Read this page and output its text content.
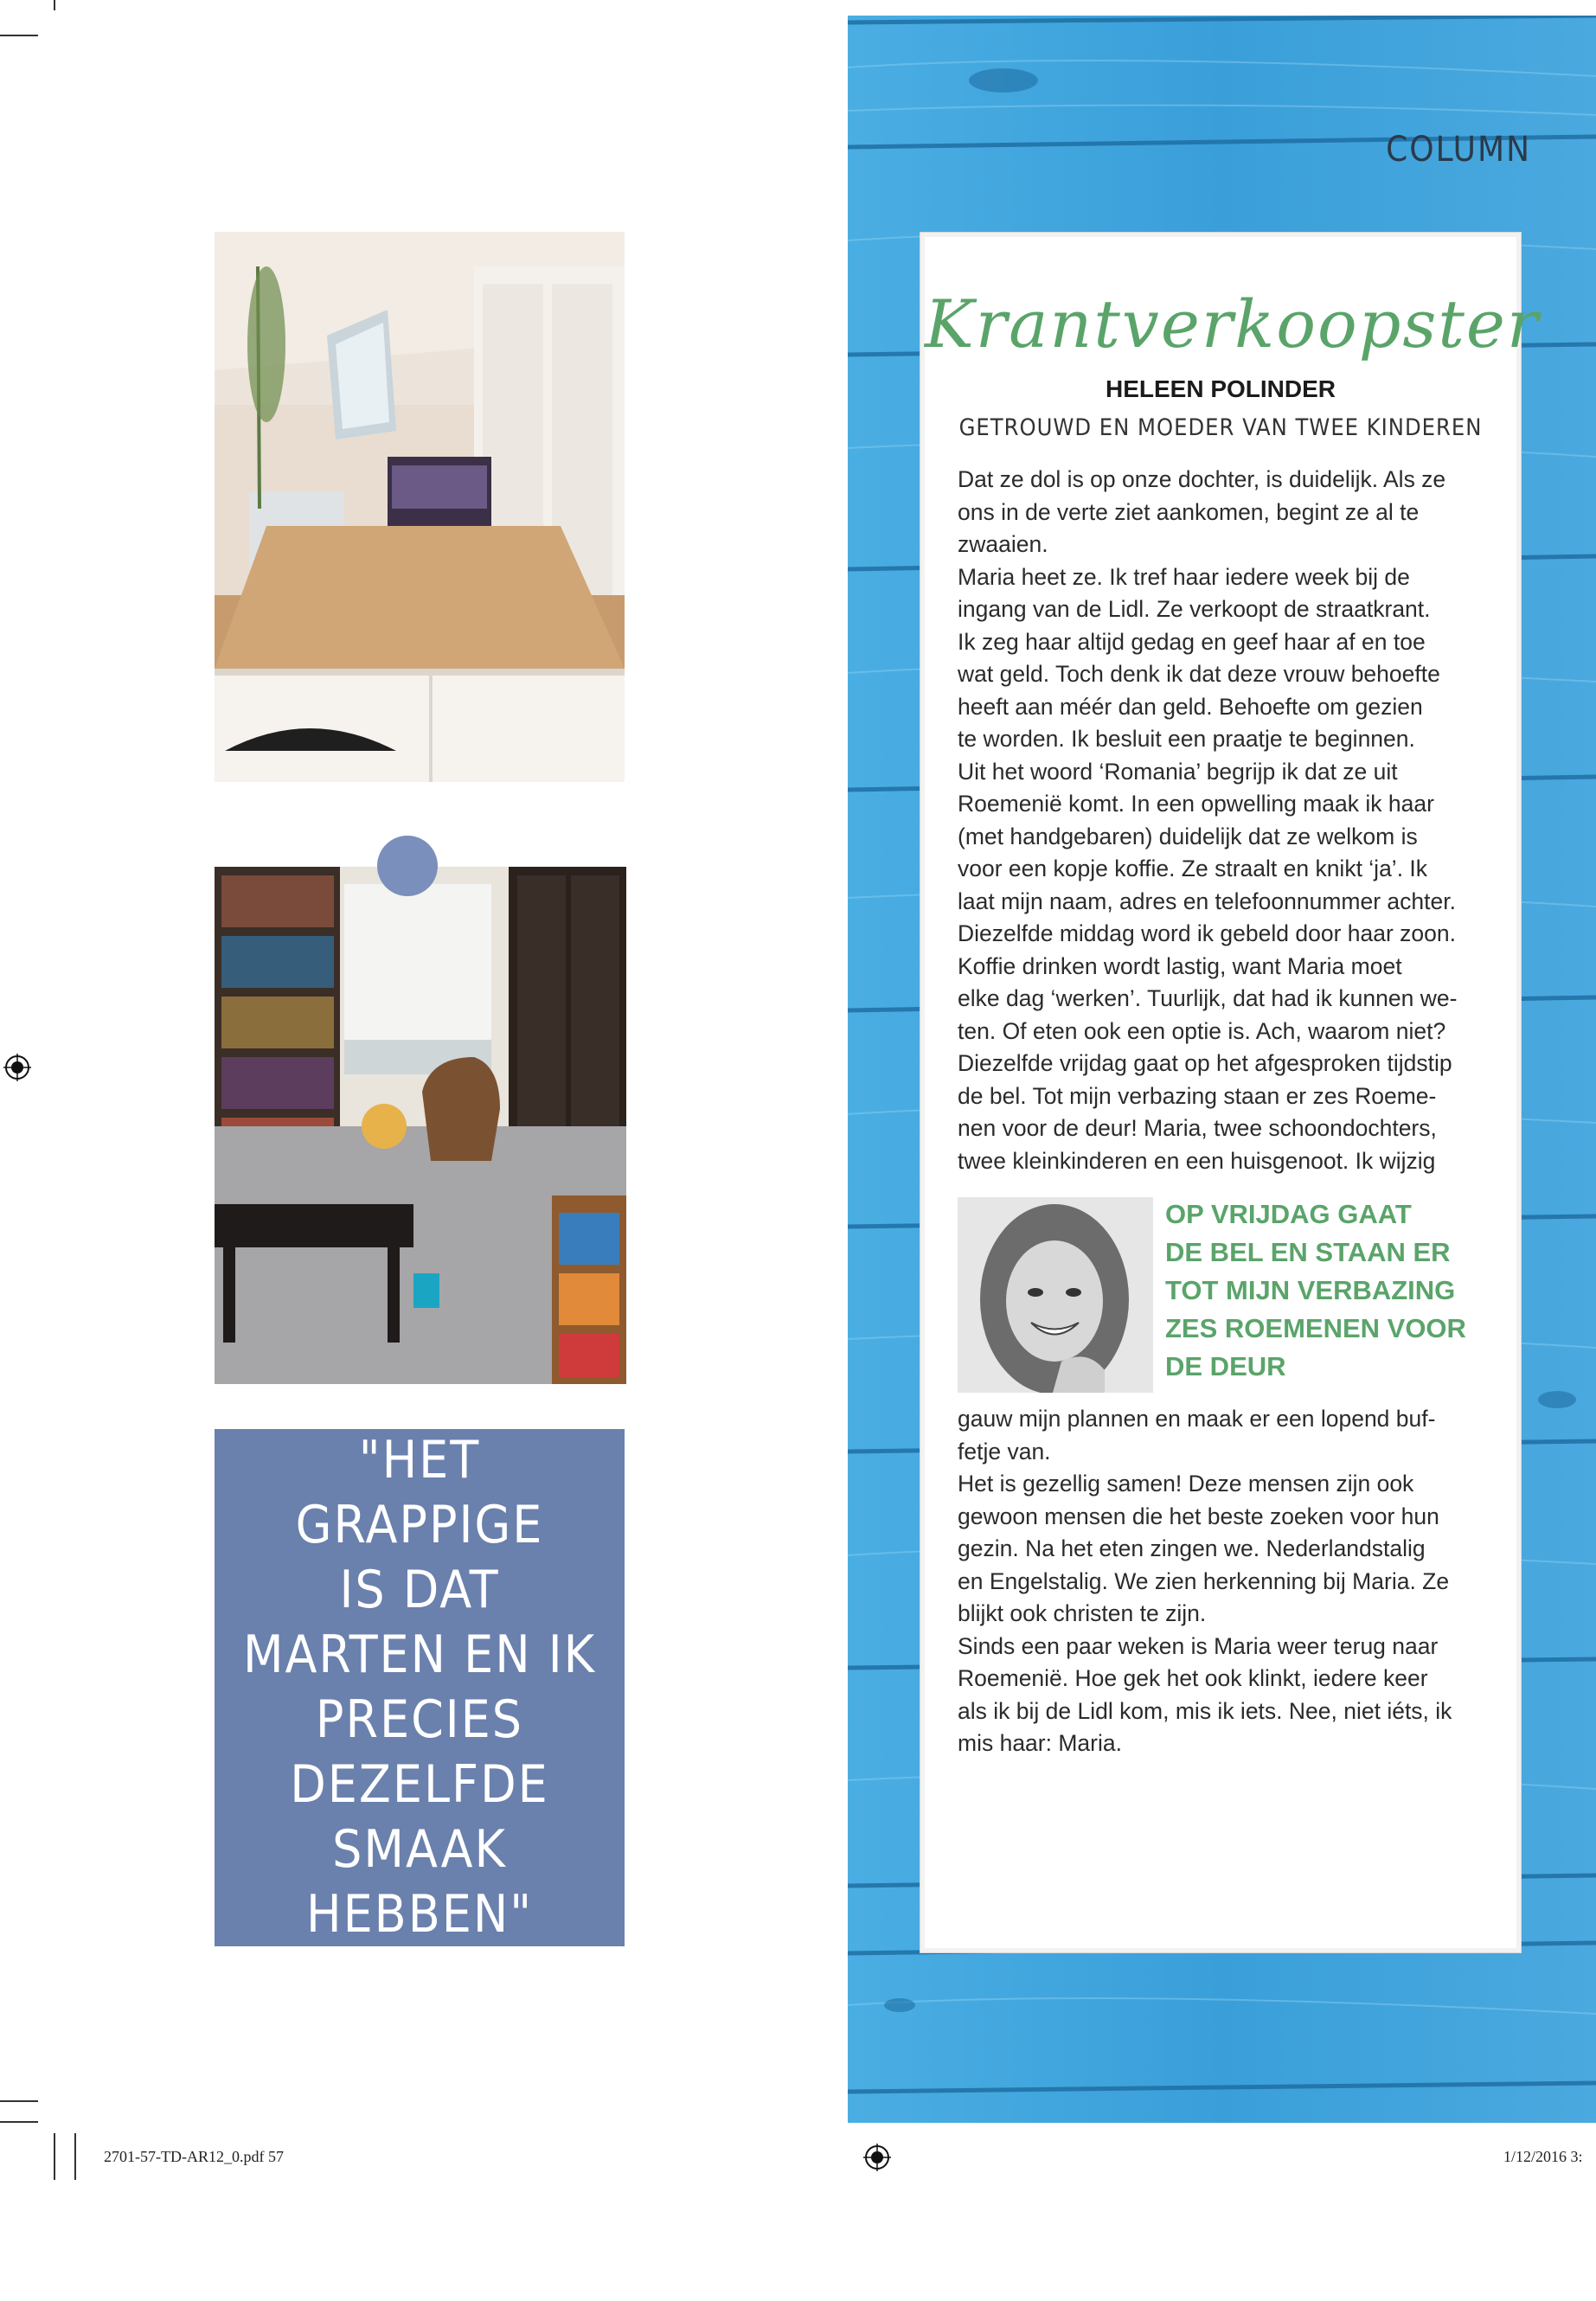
"HET
GRAPPIGE
IS DAT
MARTEN EN IK
PRECIES
DEZELFDE
SMAAK HEBBEN"
COLUMN
Krantverkoopster
HELEEN POLINDER
GETROUWD EN MOEDER VAN TWEE KINDEREN
Dat ze dol is op onze dochter, is duidelijk. Als ze
ons in de verte ziet aankomen, begint ze al te
zwaaien.
Maria heet ze. Ik tref haar iedere week bij de
ingang van de Lidl. Ze verkoopt de straatkrant.
Ik zeg haar altijd gedag en geef haar af en toe
wat geld. Toch denk ik dat deze vrouw behoefte
heeft aan méér dan geld. Behoefte om gezien
te worden. Ik besluit een praatje te beginnen.
Uit het woord ‘Romania’ begrijp ik dat ze uit
Roemenië komt. In een opwelling maak ik haar
(met handgebaren) duidelijk dat ze welkom is
voor een kopje koffie. Ze straalt en knikt ‘ja’. Ik
laat mijn naam, adres en telefoonnummer achter.
Diezelfde middag word ik gebeld door haar zoon.
Koffie drinken wordt lastig, want Maria moet
elke dag ‘werken’. Tuurlijk, dat had ik kunnen we-
ten. Of eten ook een optie is. Ach, waarom niet?
Diezelfde vrijdag gaat op het afgesproken tijdstip
de bel. Tot mijn verbazing staan er zes Roeme-
nen voor de deur! Maria, twee schoondochters,
twee kleinkinderen en een huisgenoot. Ik wijzig
OP VRIJDAG GAAT
DE BEL EN STAAN ER
TOT MIJN VERBAZING
ZES ROEMENEN VOOR
DE DEUR
gauw mijn plannen en maak er een lopend buf-
fetje van.
Het is gezellig samen! Deze mensen zijn ook
gewoon mensen die het beste zoeken voor hun
gezin. Na het eten zingen we. Nederlandstalig
en Engelstalig. We zien herkenning bij Maria. Ze
blijkt ook christen te zijn.
Sinds een paar weken is Maria weer terug naar
Roemenië. Hoe gek het ook klinkt, iedere keer
als ik bij de Lidl kom, mis ik iets. Nee, niet iéts, ik
mis haar: Maria.
2701-57-TD-AR12_0.pdf 57	1/12/2016 3:
